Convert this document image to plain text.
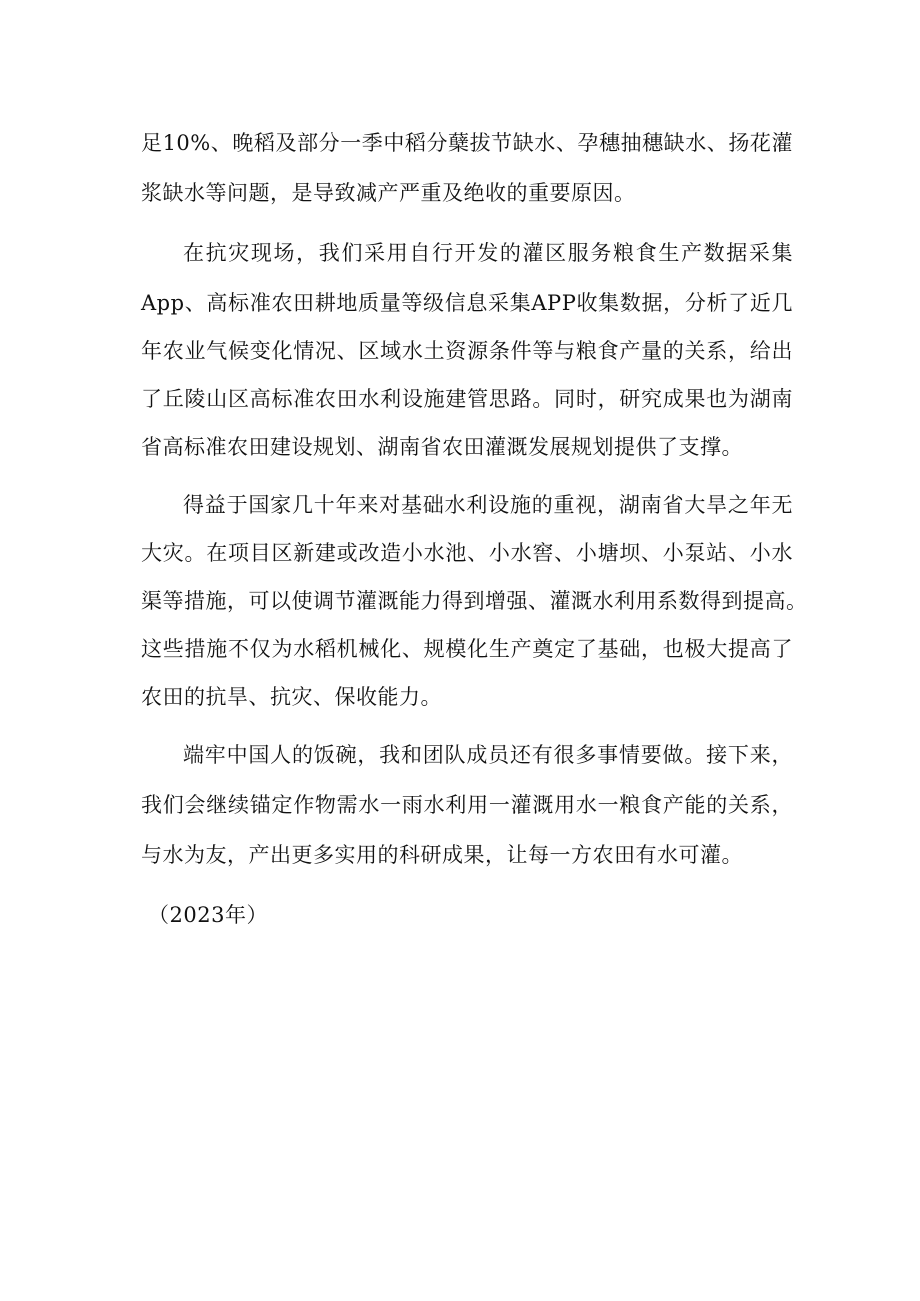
足10%、晚稻及部分一季中稻分蘖拔节缺水、孕穗抽穗缺水、扬花灌
浆缺水等问题，是导致减产严重及绝收的重要原因。
在抗灾现场，我们采用自行开发的灌区服务粮食生产数据采集
App、高标准农田耕地质量等级信息采集APP收集数据，分析了近几
年农业气候变化情况、区域水土资源条件等与粮食产量的关系，给出
了丘陵山区高标准农田水利设施建管思路。同时，研究成果也为湖南
省高标准农田建设规划、湖南省农田灌溉发展规划提供了支撑。
得益于国家几十年来对基础水利设施的重视，湖南省大旱之年无
大灾。在项目区新建或改造小水池、小水窖、小塘坝、小泵站、小水
渠等措施，可以使调节灌溉能力得到增强、灌溉水利用系数得到提高。
这些措施不仅为水稻机械化、规模化生产奠定了基础，也极大提高了
农田的抗旱、抗灾、保收能力。
端牢中国人的饭碗，我和团队成员还有很多事情要做。接下来，
我们会继续锚定作物需水一雨水利用一灌溉用水一粮食产能的关系，
与水为友，产出更多实用的科研成果，让每一方农田有水可灌。
（2023年）
